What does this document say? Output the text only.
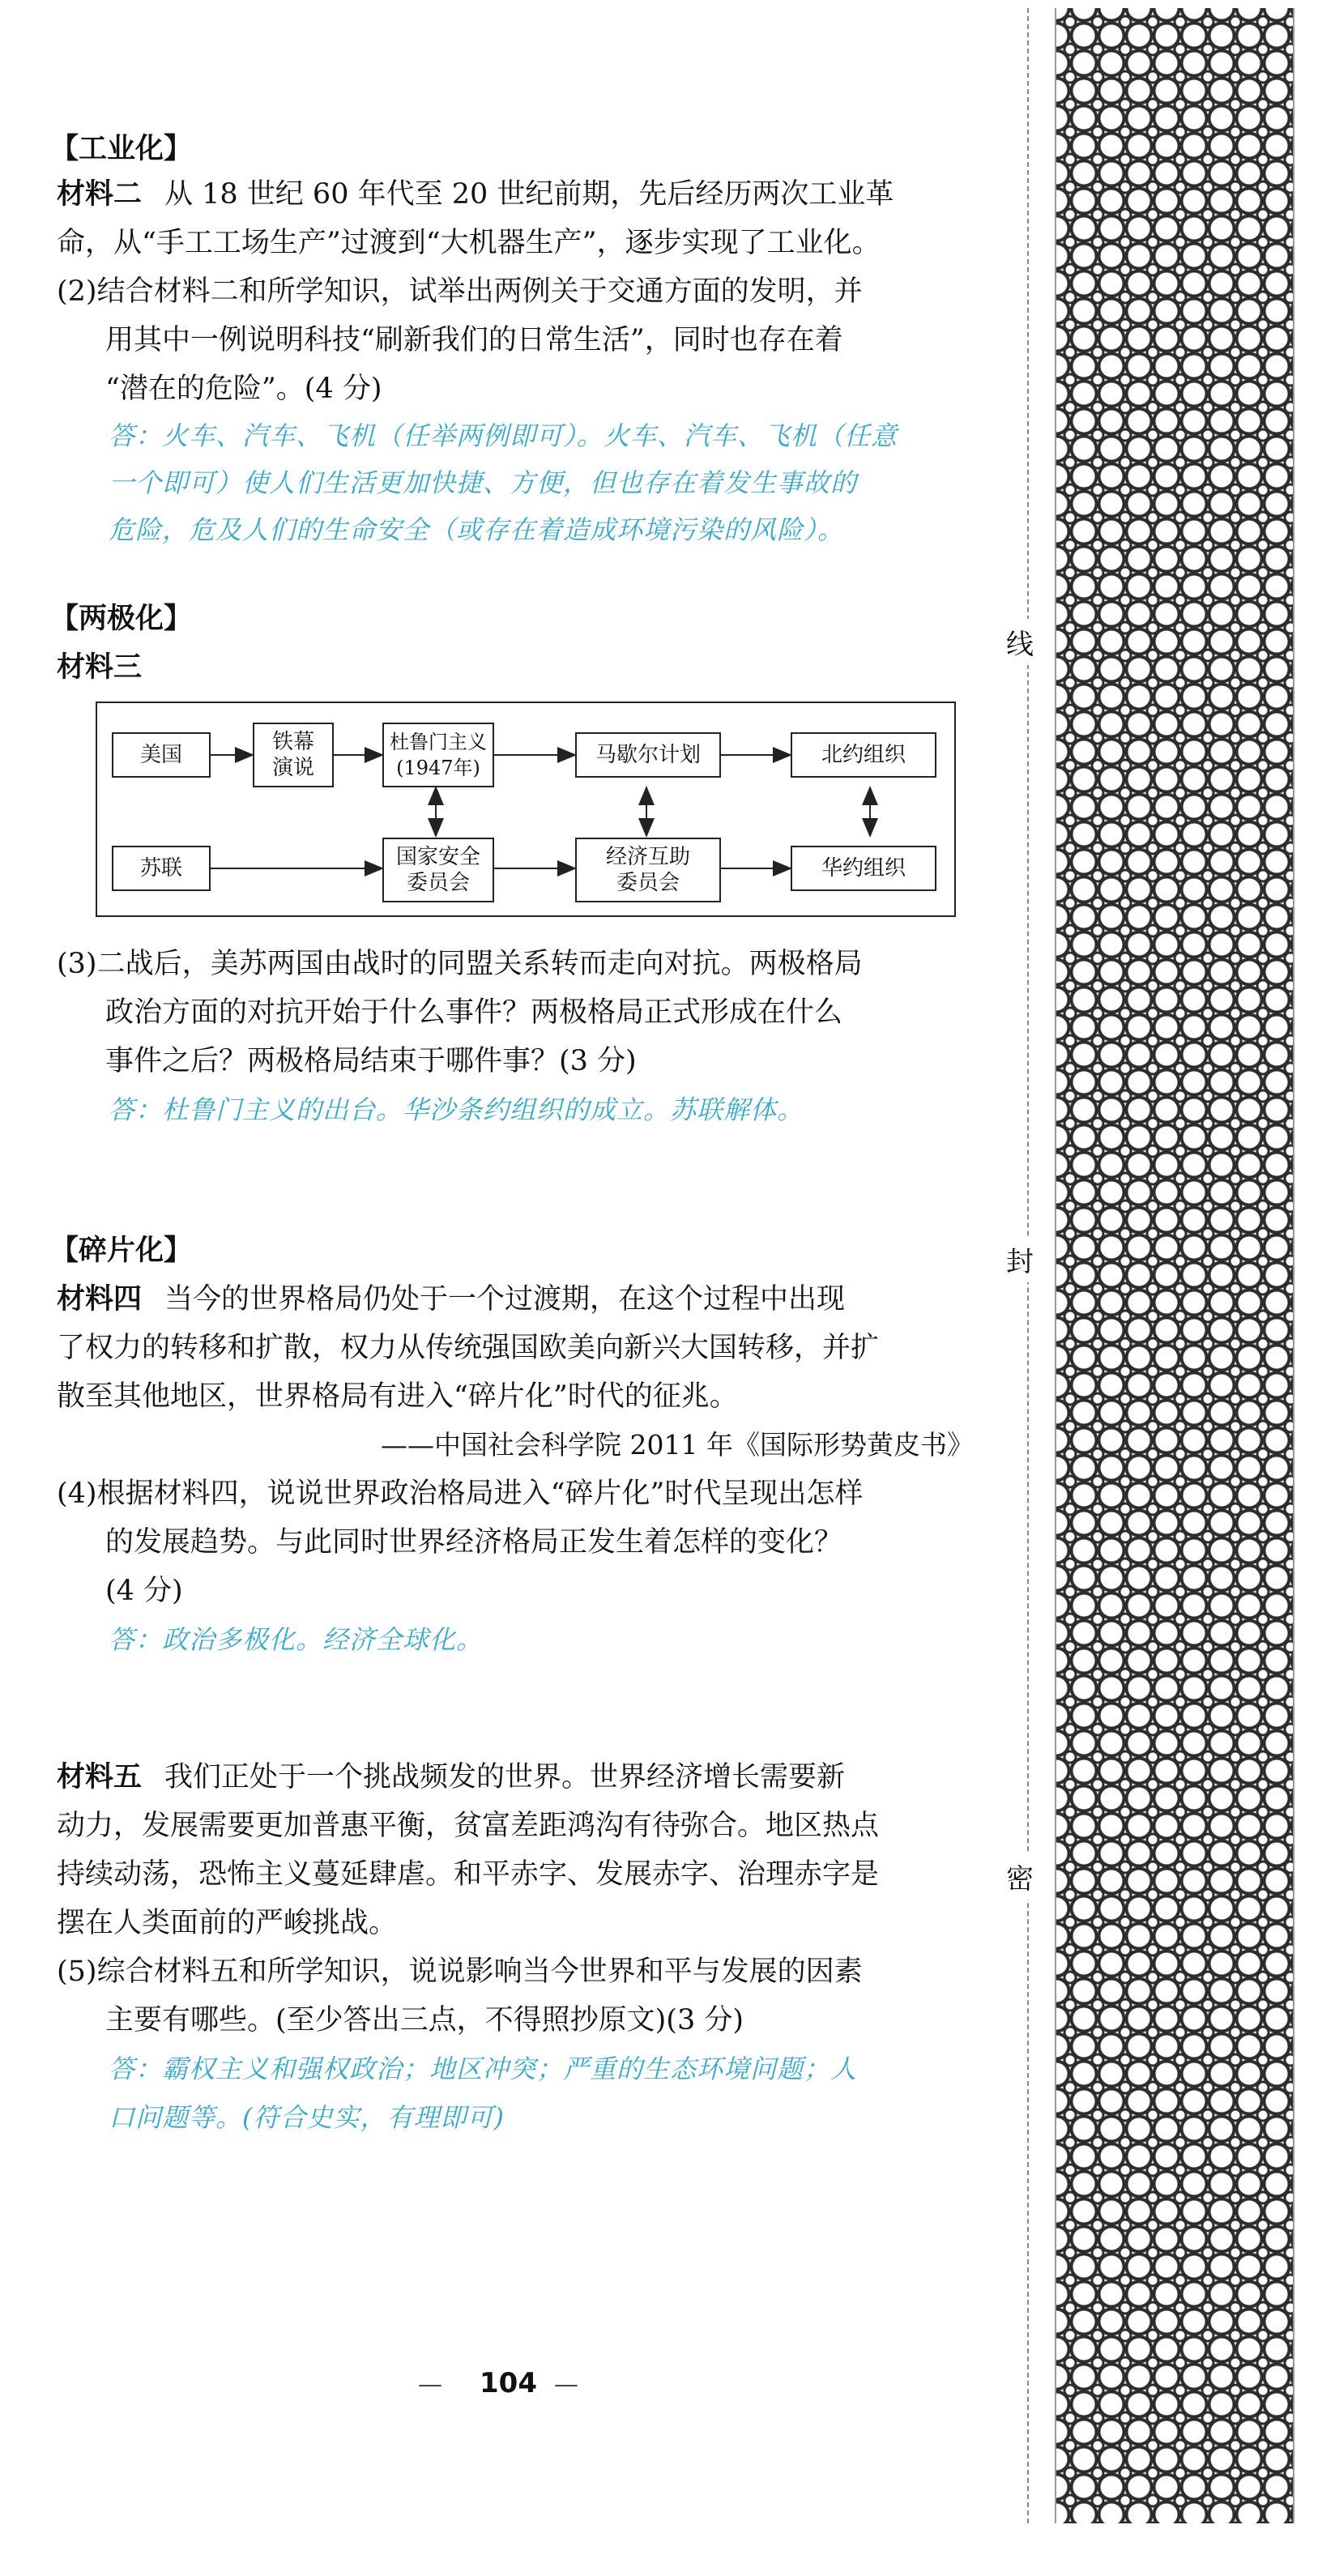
【工业化】
材料二 从 18 世纪 60 年代至 20 世纪前期，先后经历两次工业革
命，从“手工工场生产”过渡到“大机器生产”，逐步实现了工业化。
(2)结合材料二和所学知识，试举出两例关于交通方面的发明，并
用其中一例说明科技“刷新我们的日常生活”，同时也存在着
“潜在的危险”。(4 分)
答：火车、汽车、飞机（任举两例即可）。火车、汽车、飞机（任意
一个即可）使人们生活更加快捷、方便，但也存在着发生事故的
危险，危及人们的生命安全（或存在着造成环境污染的风险）。
【两极化】
材料三
美国
铁幕
演说
杜鲁门主义
(1947年)
马歇尔计划	北约组织
苏联	国家安全
委员会
经济互助
委员会
华约组织
(3)二战后，美苏两国由战时的同盟关系转而走向对抗。两极格局
政治方面的对抗开始于什么事件？两极格局正式形成在什么
事件之后？两极格局结束于哪件事？(3 分)
答：杜鲁门主义的出台。华沙条约组织的成立。苏联解体。
【碎片化】
材料四 当今的世界格局仍处于一个过渡期，在这个过程中出现
了权力的转移和扩散，权力从传统强国欧美向新兴大国转移，并扩
散至其他地区，世界格局有进入“碎片化”时代的征兆。
——中国社会科学院 2011 年《国际形势黄皮书》
(4)根据材料四，说说世界政治格局进入“碎片化”时代呈现出怎样
的发展趋势。与此同时世界经济格局正发生着怎样的变化？
(4 分)
答：政治多极化。经济全球化。
材料五 我们正处于一个挑战频发的世界。世界经济增长需要新
动力，发展需要更加普惠平衡，贫富差距鸿沟有待弥合。地区热点
持续动荡，恐怖主义蔓延肆虐。和平赤字、发展赤字、治理赤字是
摆在人类面前的严峻挑战。
(5)综合材料五和所学知识，说说影响当今世界和平与发展的因素
主要有哪些。(至少答出三点，不得照抄原文)(3 分)
答：霸权主义和强权政治；地区冲突；严重的生态环境问题；人
口问题等。(符合史实，有理即可)
— 104 —
线
封
密
